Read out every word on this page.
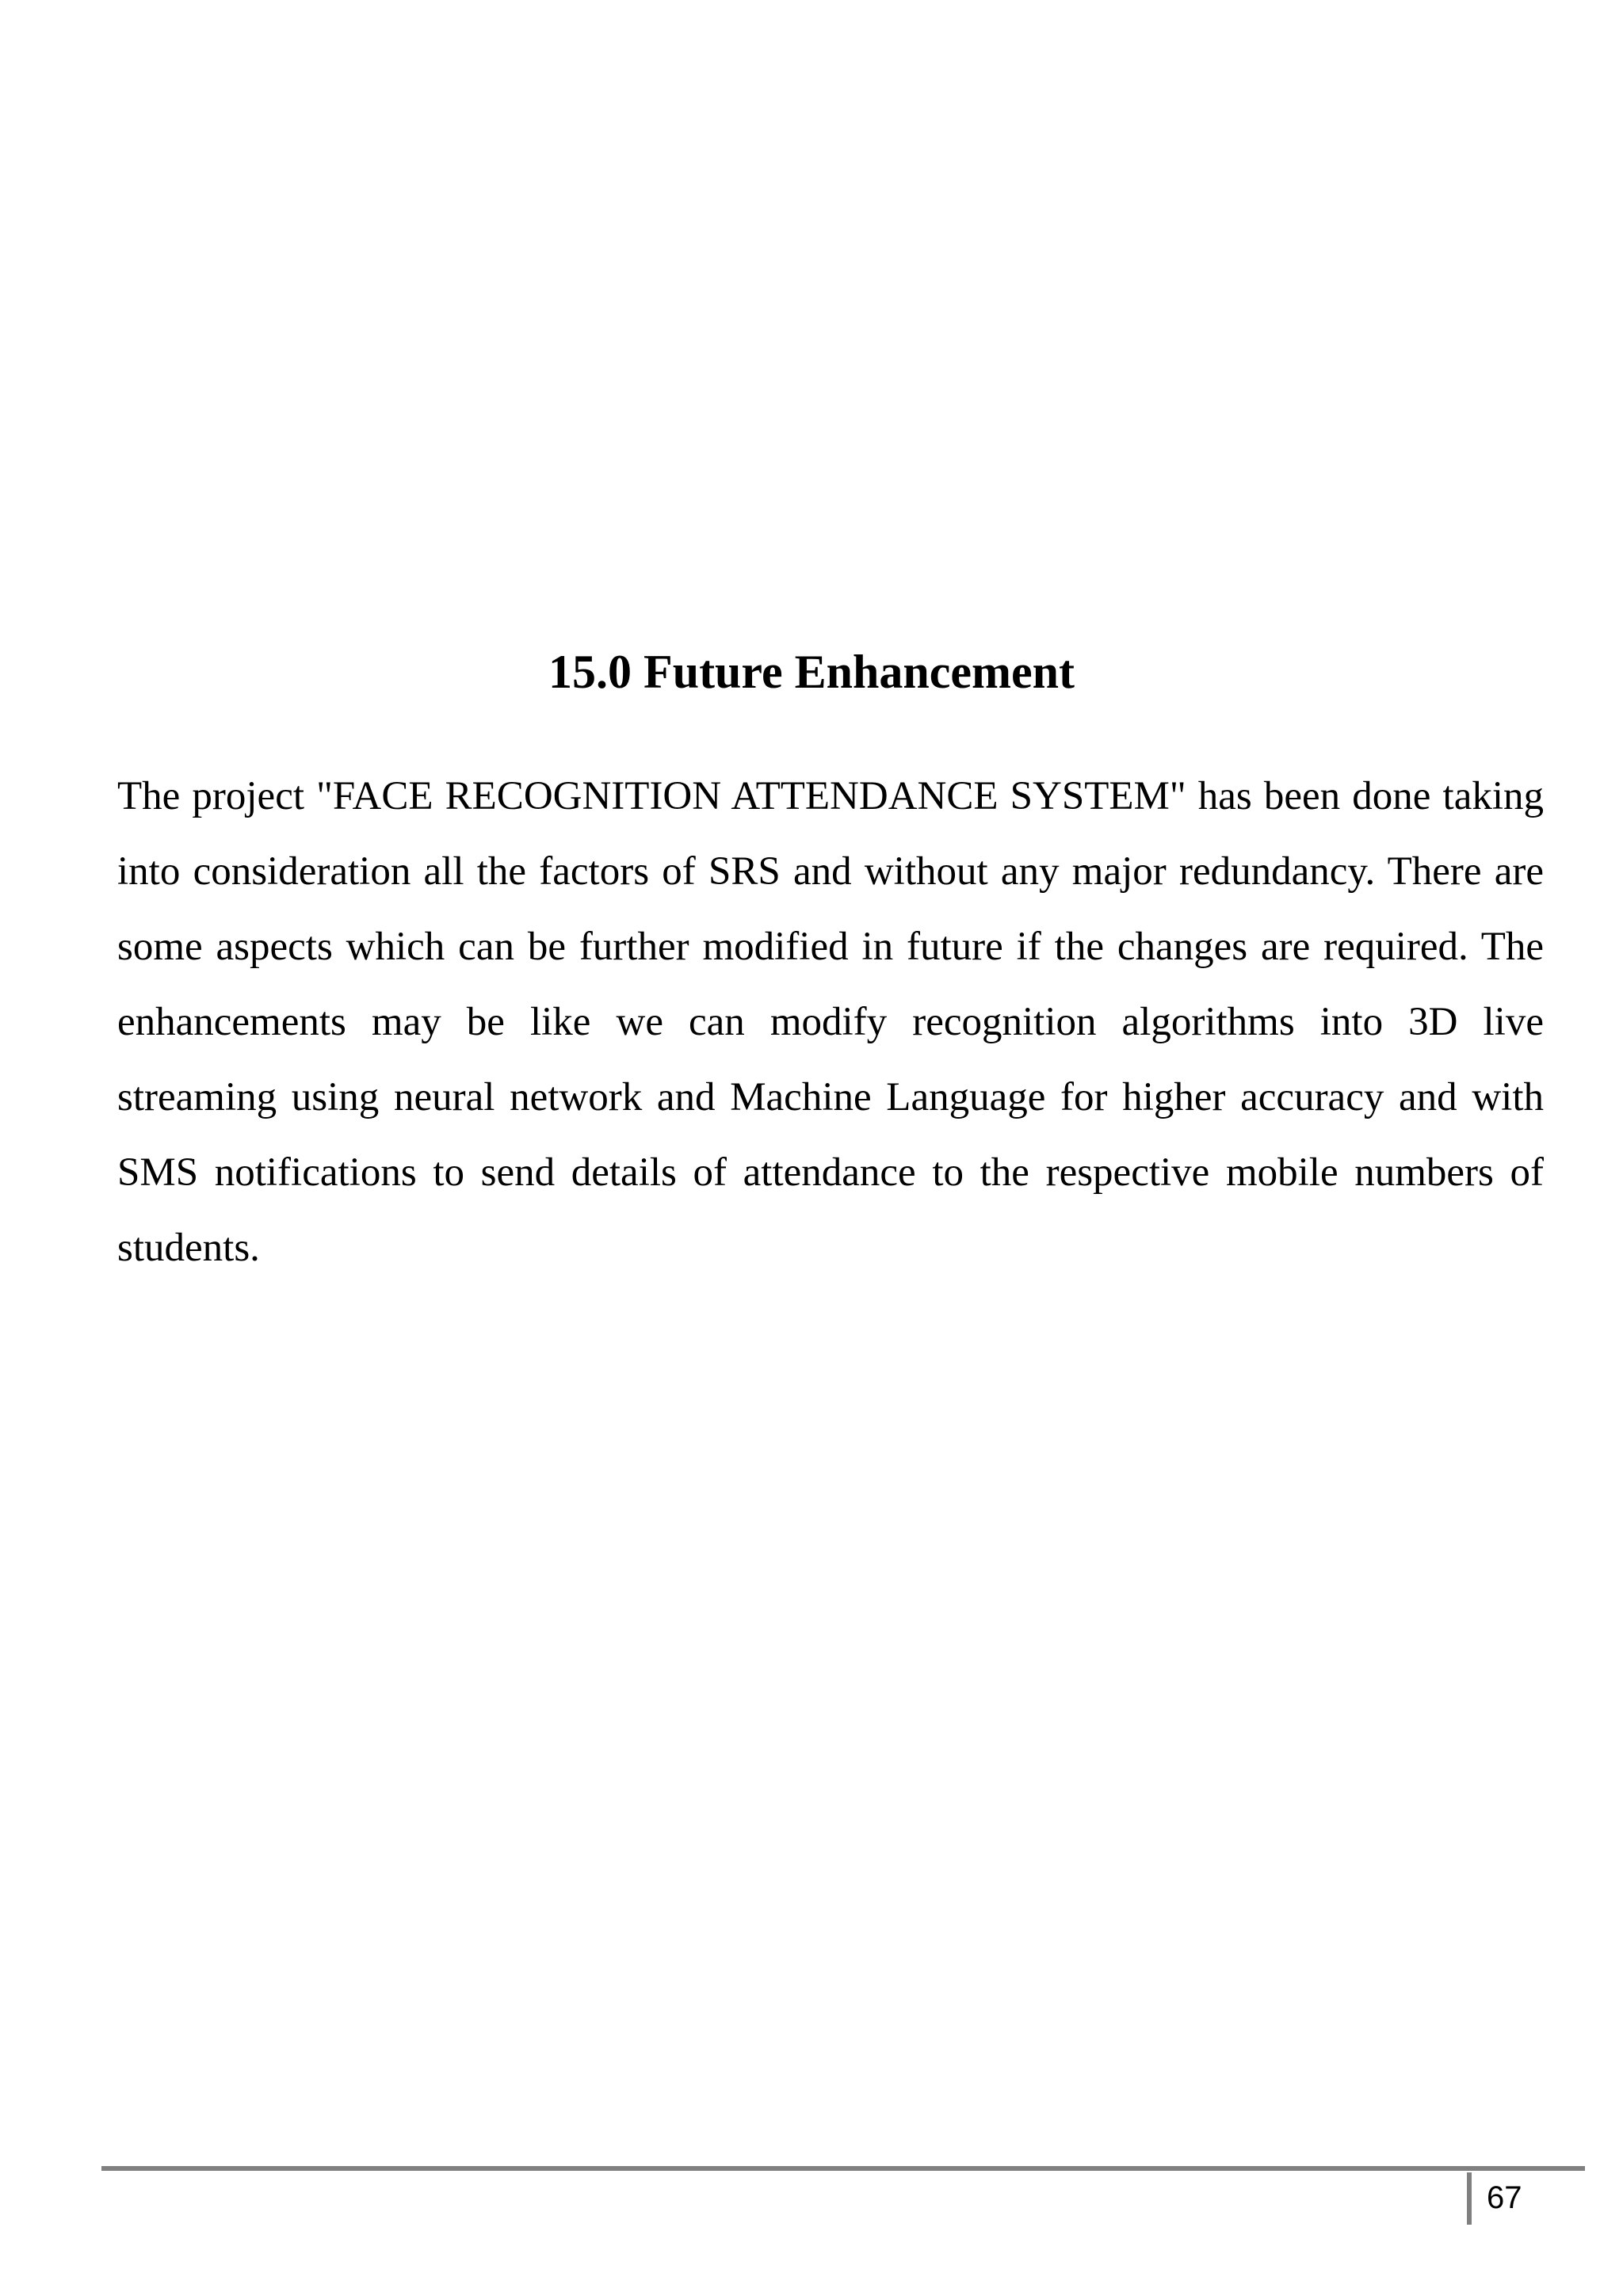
15.0 Future Enhancement

The project "FACE RECOGNITION ATTENDANCE SYSTEM" has been done taking into consideration all the factors of SRS and without any major redundancy. There are some aspects which can be further modified in future if the changes are required. The enhancements may be like we can modify recognition algorithms into 3D live streaming using neural network and Machine Language for higher accuracy and with SMS notifications to send details of attendance to the respective mobile numbers of students.

67
